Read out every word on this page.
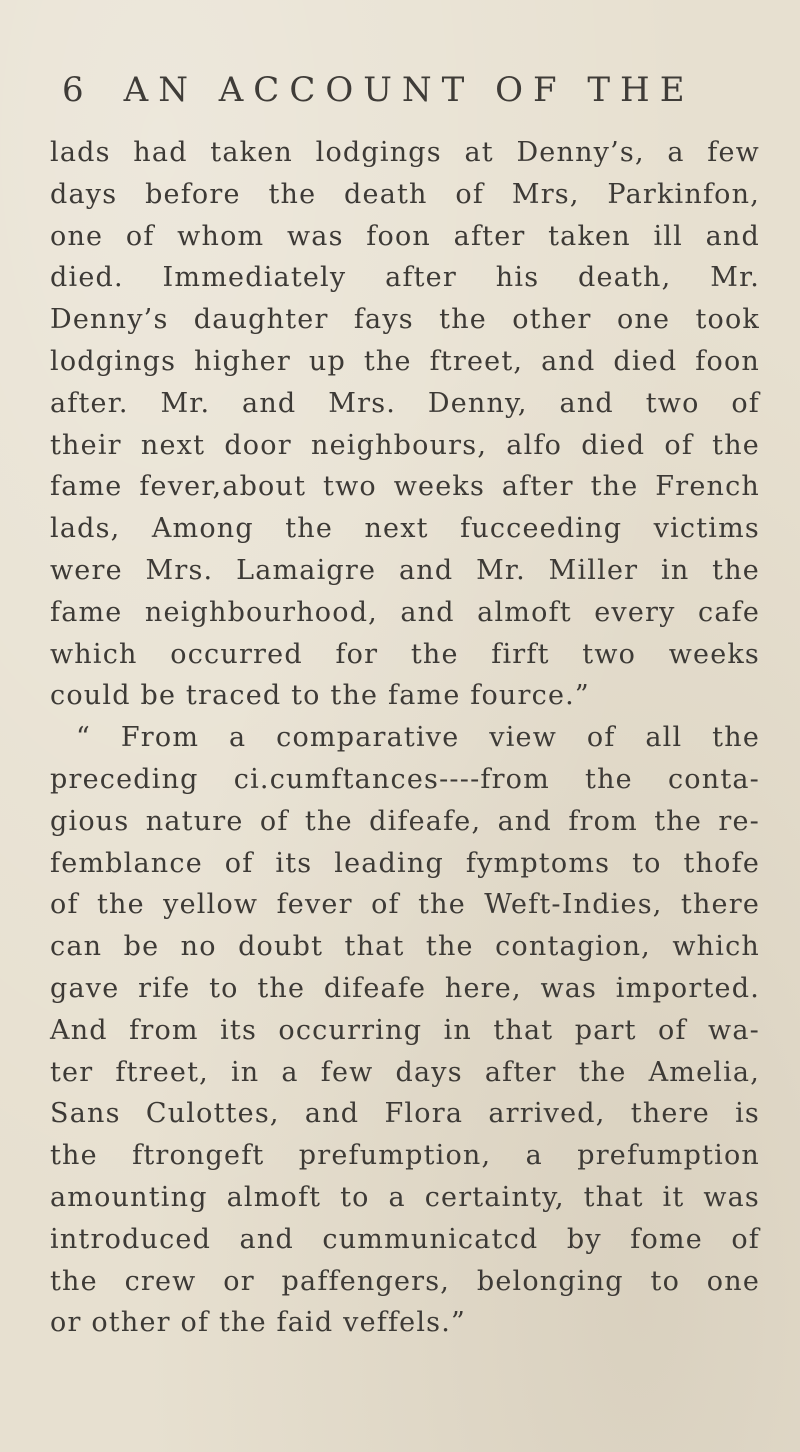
6 AN ACCOUNT OF THE
lads had taken lodgings at Denny’s, a few
days before the death of Mrs, Parkinfon,
one of whom was foon after taken ill and
died. Immediately after his death, Mr.
Denny’s daughter fays the other one took
lodgings higher up the ftreet, and died foon
after. Mr. and Mrs. Denny, and two of
their next door neighbours, alfo died of the
fame fever,about two weeks after the French
lads, Among the next fucceeding victims
were Mrs. Lamaigre and Mr. Miller in the
fame neighbourhood, and almoft every cafe
which occurred for the firft two weeks
could be traced to the fame fource.”
“ From a comparative view of all the
preceding ci.cumftances----from the conta-
gious nature of the difeafe, and from the re-
femblance of its leading fymptoms to thofe
of the yellow fever of the Weft-Indies, there
can be no doubt that the contagion, which
gave rife to the difeafe here, was imported.
And from its occurring in that part of wa-
ter ftreet, in a few days after the Amelia,
Sans Culottes, and Flora arrived, there is
the ftrongeft prefumption, a prefumption
amounting almoft to a certainty, that it was
introduced and cummunicatcd by fome of
the crew or paffengers, belonging to one
or other of the faid veffels.”
